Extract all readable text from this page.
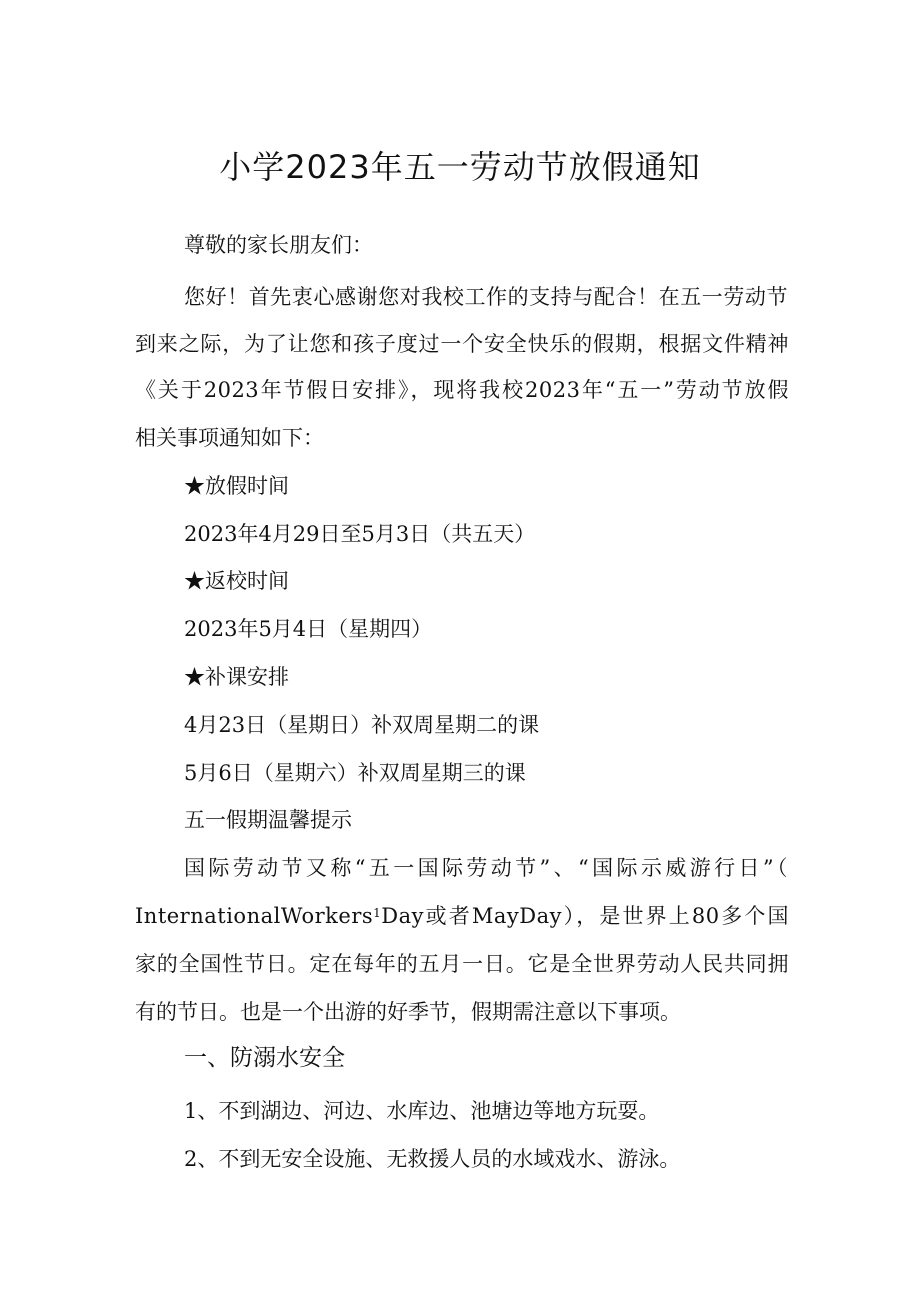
小学2023年五一劳动节放假通知
尊敬的家长朋友们：
您好！首先衷心感谢您对我校工作的支持与配合！在五一劳动节
到来之际，为了让您和孩子度过一个安全快乐的假期，根据文件精神
《关于2023年节假日安排》，现将我校2023年“五一”劳动节放假
相关事项通知如下：
★放假时间
2023年4月29日至5月3日（共五天）
★返校时间
2023年5月4日（星期四）
★补课安排
4月23日（星期日）补双周星期二的课
5月6日（星期六）补双周星期三的课
五一假期温馨提示
国际劳动节又称“五一国际劳动节”、“国际示威游行日”（
InternationalWorkers$^1$Day或者MayDay），是世界上80多个国
家的全国性节日。定在每年的五月一日。它是全世界劳动人民共同拥
有的节日。也是一个出游的好季节，假期需注意以下事项。
一、防溺水安全
1、不到湖边、河边、水库边、池塘边等地方玩耍。
2、不到无安全设施、无救援人员的水域戏水、游泳。
